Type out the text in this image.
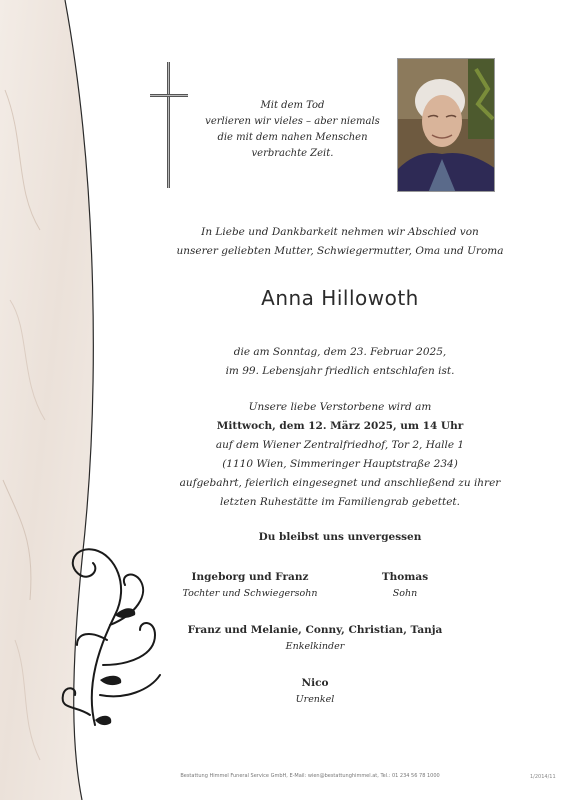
Mit dem Tod
verlieren wir vieles – aber niemals
die mit dem nahen Menschen
verbrachte Zeit.
In Liebe und Dankbarkeit nehmen wir Abschied von
unserer geliebten Mutter, Schwiegermutter, Oma und Uroma
Anna Hillowoth
die am Sonntag, dem 23. Februar 2025,
im 99. Lebensjahr friedlich entschlafen ist.
Unsere liebe Verstorbene wird am
Mittwoch, dem 12. März 2025, um 14 Uhr
auf dem Wiener Zentralfriedhof, Tor 2, Halle 1
(1110 Wien, Simmeringer Hauptstraße 234)
aufgebahrt, feierlich eingesegnet und anschließend zu ihrer
letzten Ruhestätte im Familiengrab gebettet.
Du bleibst uns unvergessen
Ingeborg und Franz
Tochter und Schwiegersohn
Thomas
Sohn
Franz und Melanie, Conny, Christian, Tanja
Enkelkinder
Nico
Urenkel
Bestattung Himmel Funeral Service GmbH, E-Mail: wien@bestattunghimmel.at, Tel.: 01 234 56 78 1000	1/2014/11
